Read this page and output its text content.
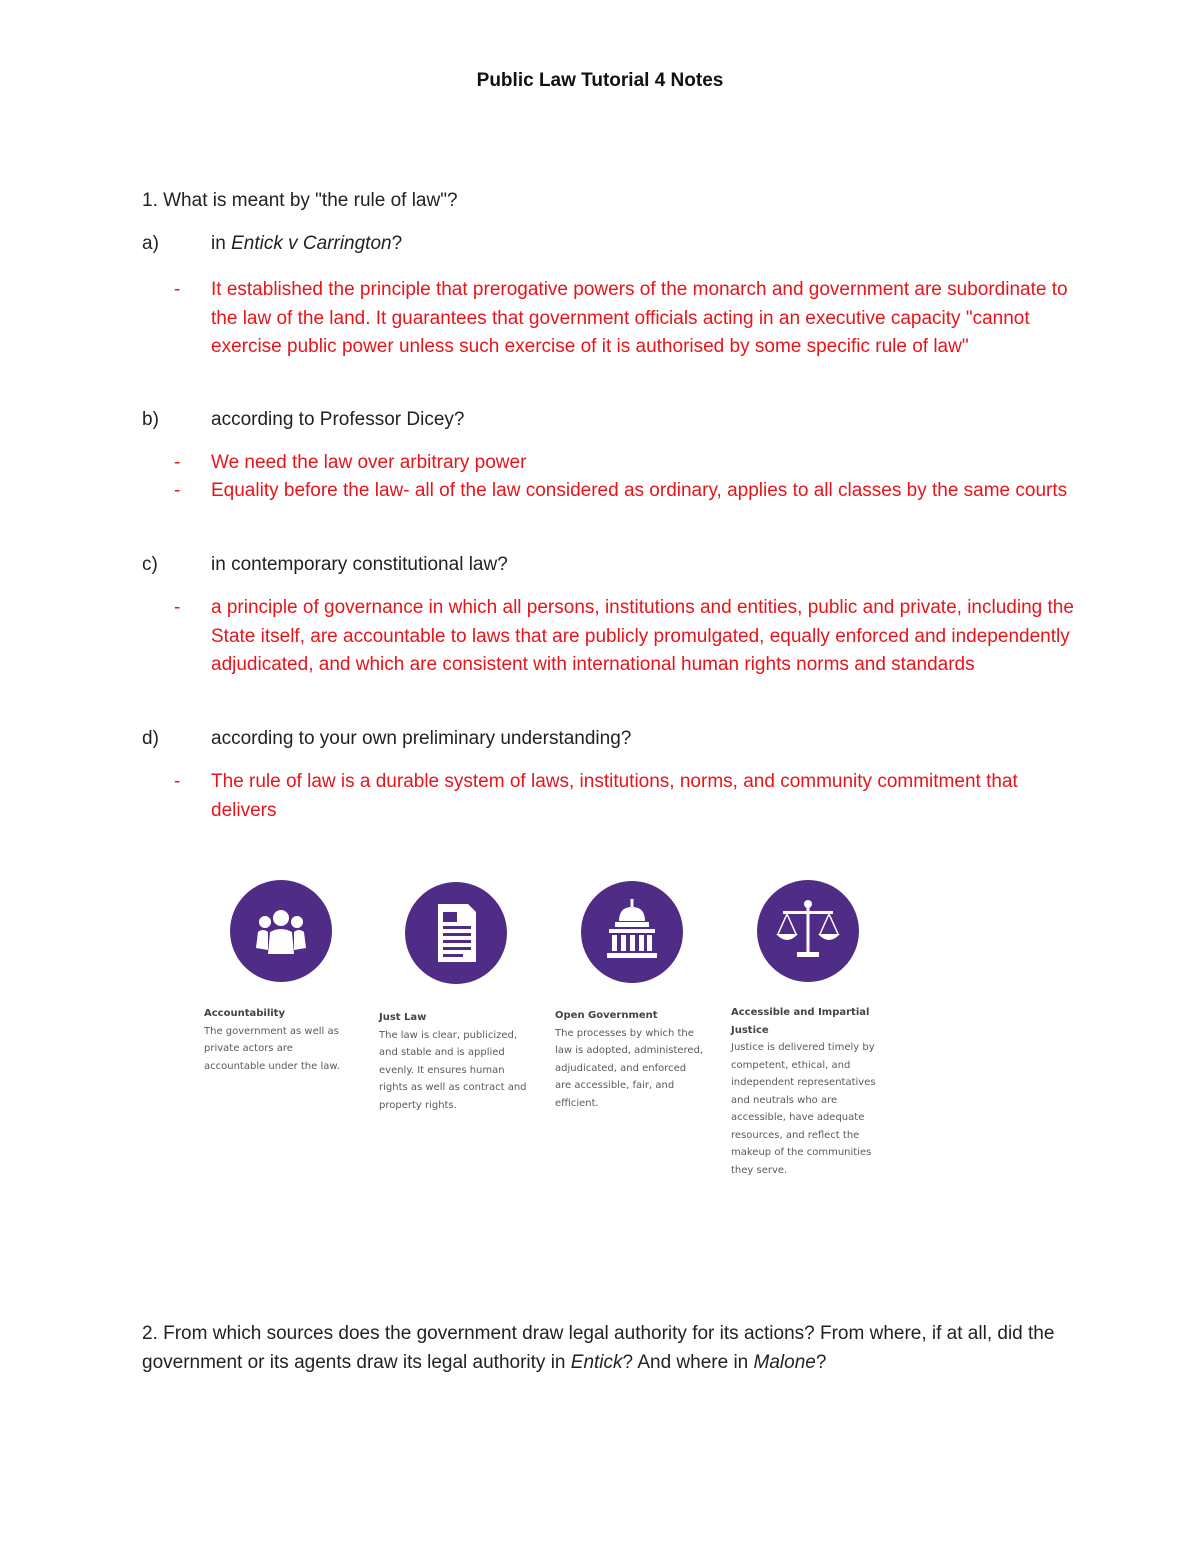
Public Law Tutorial 4 Notes
1. What is meant by "the rule of law"?
a)	in Entick v Carrington?
- It established the principle that prerogative powers of the monarch and government are subordinate to the law of the land. It guarantees that government officials acting in an executive capacity "cannot exercise public power unless such exercise of it is authorised by some specific rule of law"
b)	according to Professor Dicey?
- We need the law over arbitrary power
- Equality before the law- all of the law considered as ordinary, applies to all classes by the same courts
c)	in contemporary constitutional law?
- a principle of governance in which all persons, institutions and entities, public and private, including the State itself, are accountable to laws that are publicly promulgated, equally enforced and independently adjudicated, and which are consistent with international human rights norms and standards
d)	according to your own preliminary understanding?
- The rule of law is a durable system of laws, institutions, norms, and community commitment that delivers
Accountability
The government as well as private actors are accountable under the law.
Just Law
The law is clear, publicized, and stable and is applied evenly. It ensures human rights as well as contract and property rights.
Open Government
The processes by which the law is adopted, administered, adjudicated, and enforced are accessible, fair, and efficient.
Accessible and Impartial Justice
Justice is delivered timely by competent, ethical, and independent representatives and neutrals who are accessible, have adequate resources, and reflect the makeup of the communities they serve.
2. From which sources does the government draw legal authority for its actions? From where, if at all, did the government or its agents draw its legal authority in Entick? And where in Malone?
